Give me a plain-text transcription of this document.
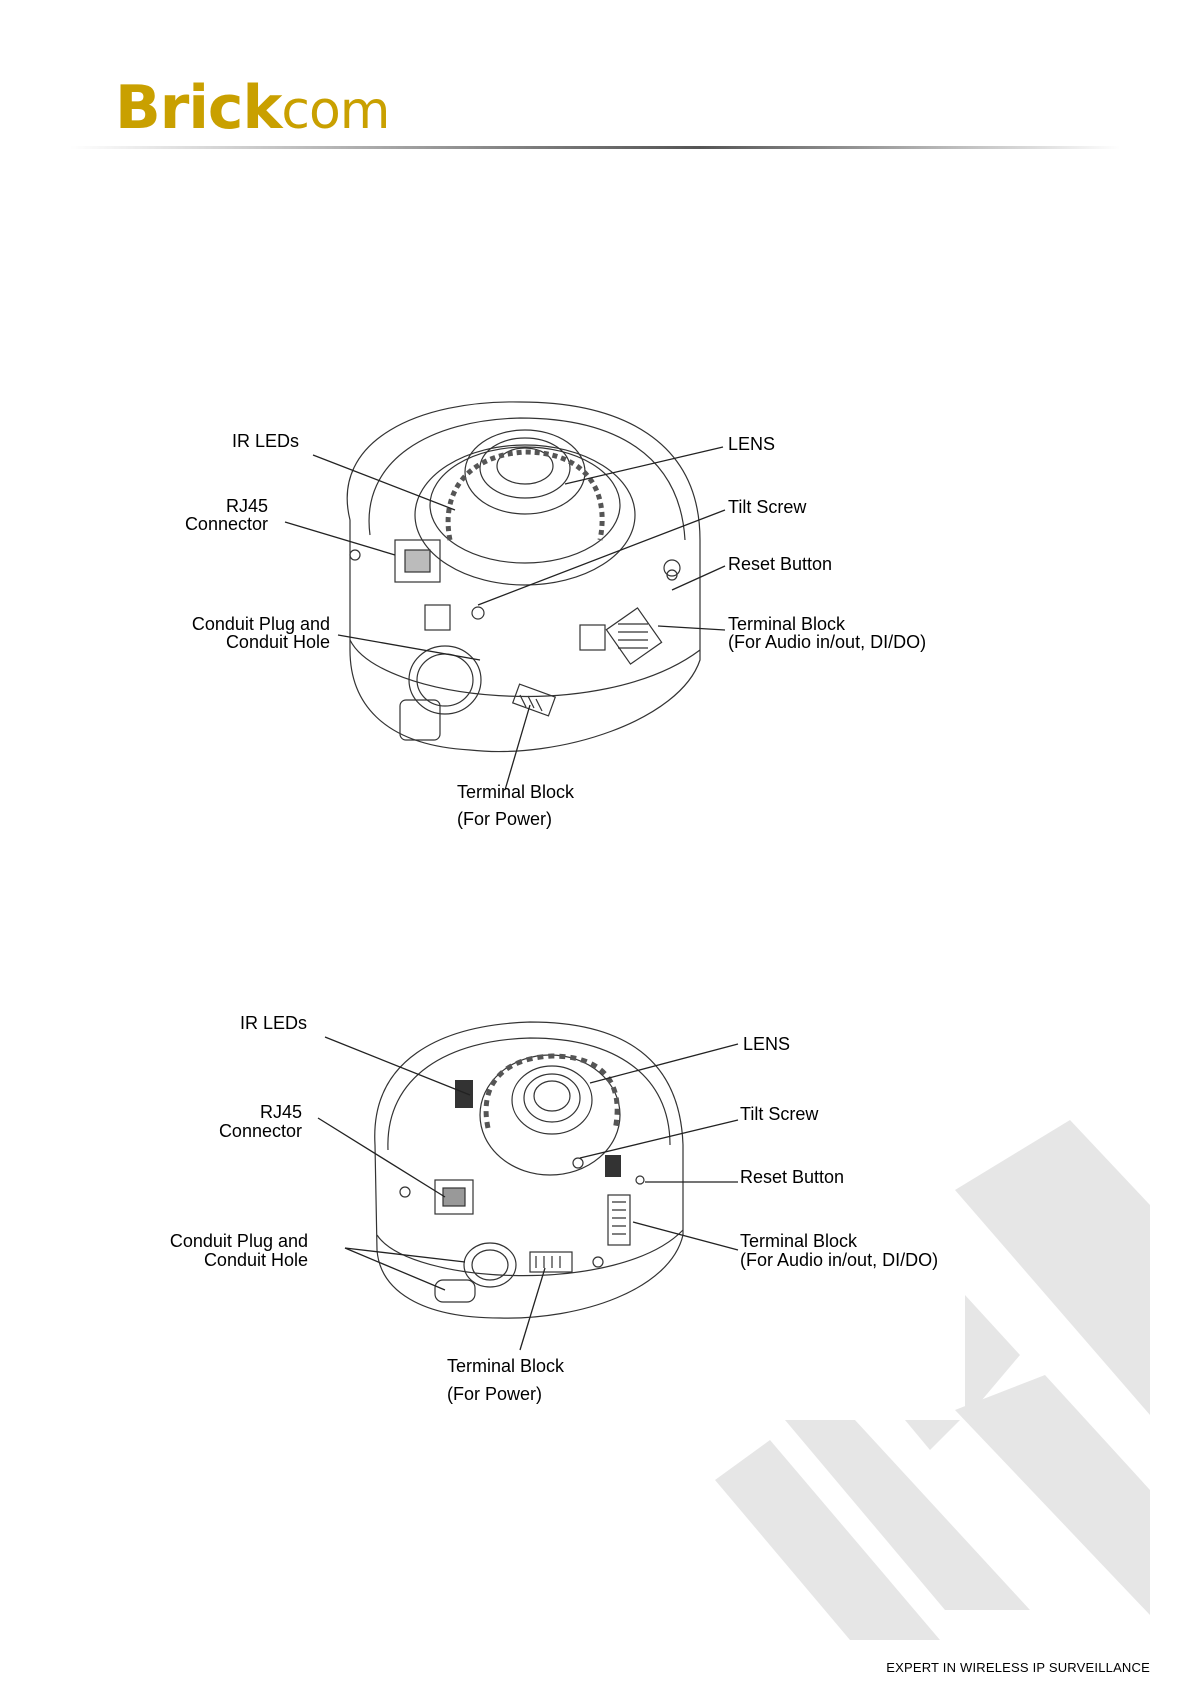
Brickcom
IR LEDs	LENS
RJ45
Connector
Tilt Screw
Reset Button
Conduit Plug and
Conduit Hole
Terminal Block
(For Audio in/out, DI/DO)
Terminal Block
(For Power)
IR LEDs
LENS
RJ45
Connector
Tilt Screw
Reset Button
Conduit Plug and
Conduit Hole
Terminal Block
(For Audio in/out, DI/DO)
Terminal Block
(For Power)
EXPERT IN WIRELESS IP SURVEILLANCE
